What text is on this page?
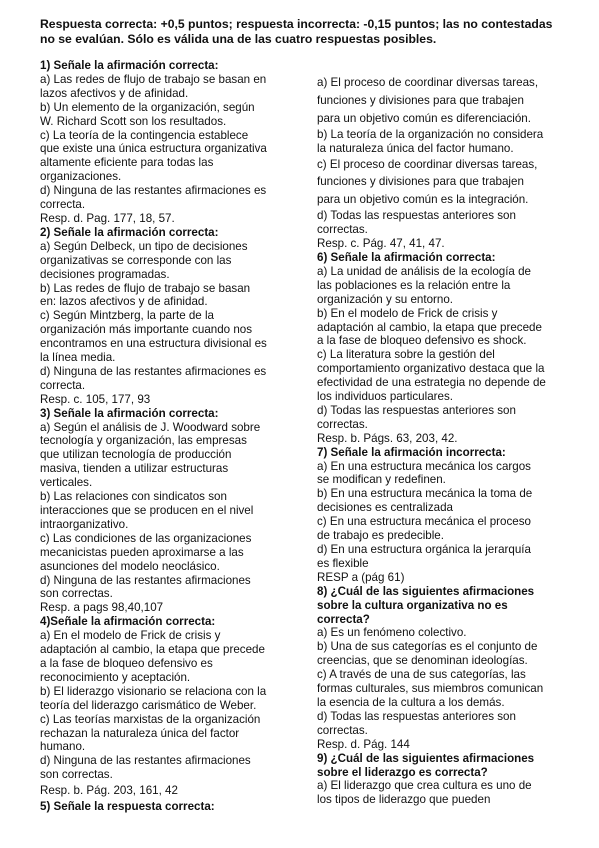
Respuesta correcta: +0,5 puntos; respuesta incorrecta: -0,15 puntos; las no contestadas
no se evalúan. Sólo es válida una de las cuatro respuestas posibles.
1) Señale la afirmación correcta:
a) Las redes de flujo de trabajo se basan en
lazos afectivos y de afinidad.
b) Un elemento de la organización, según
W. Richard Scott son los resultados.
c) La teoría de la contingencia establece
que existe una única estructura organizativa
altamente eficiente para todas las
organizaciones.
d) Ninguna de las restantes afirmaciones es
correcta.
Resp. d. Pag. 177, 18, 57.
2) Señale la afirmación correcta:
a) Según Delbeck, un tipo de decisiones
organizativas se corresponde con las
decisiones programadas.
b) Las redes de flujo de trabajo se basan
en: lazos afectivos y de afinidad.
c) Según Mintzberg, la parte de la
organización más importante cuando nos
encontramos en una estructura divisional es
la línea media.
d) Ninguna de las restantes afirmaciones es
correcta.
Resp. c. 105, 177, 93
3) Señale la afirmación correcta:
a) Según el análisis de J. Woodward sobre
tecnología y organización, las empresas
que utilizan tecnología de producción
masiva, tienden a utilizar estructuras
verticales.
b) Las relaciones con sindicatos son
interacciones que se producen en el nivel
intraorganizativo.
c) Las condiciones de las organizaciones
mecanicistas pueden aproximarse a las
asunciones del modelo neoclásico.
d) Ninguna de las restantes afirmaciones
son correctas.
Resp. a pags 98,40,107
4)Señale la afirmación correcta:
a) En el modelo de Frick de crisis y
adaptación al cambio, la etapa que precede
a la fase de bloqueo defensivo es
reconocimiento y aceptación.
b) El liderazgo visionario se relaciona con la
teoría del liderazgo carismático de Weber.
c) Las teorías marxistas de la organización
rechazan la naturaleza única del factor
humano.
d) Ninguna de las restantes afirmaciones
son correctas.
Resp. b. Pág. 203, 161, 42
5) Señale la respuesta correcta:
a) El proceso de coordinar diversas tareas,
funciones y divisiones para que trabajen
para un objetivo común es diferenciación.
b) La teoría de la organización no considera
la naturaleza única del factor humano.
c) El proceso de coordinar diversas tareas,
funciones y divisiones para que trabajen
para un objetivo común es la integración.
d) Todas las respuestas anteriores son
correctas.
Resp. c. Pág. 47, 41, 47.
6) Señale la afirmación correcta:
a) La unidad de análisis de la ecología de
las poblaciones es la relación entre la
organización y su entorno.
b) En el modelo de Frick de crisis y
adaptación al cambio, la etapa que precede
a la fase de bloqueo defensivo es shock.
c) La literatura sobre la gestión del
comportamiento organizativo destaca que la
efectividad de una estrategia no depende de
los individuos particulares.
d) Todas las respuestas anteriores son
correctas.
Resp. b. Págs. 63, 203, 42.
7) Señale la afirmación incorrecta:
a) En una estructura mecánica los cargos
se modifican y redefinen.
b) En una estructura mecánica la toma de
decisiones es centralizada
c) En una estructura mecánica el proceso
de trabajo es predecible.
d) En una estructura orgánica la jerarquía
es flexible
RESP a (pág 61)
8) ¿Cuál de las siguientes afirmaciones
sobre la cultura organizativa no es
correcta?
a) Es un fenómeno colectivo.
b) Una de sus categorías es el conjunto de
creencias, que se denominan ideologías.
c) A través de una de sus categorías, las
formas culturales, sus miembros comunican
la esencia de la cultura a los demás.
d) Todas las respuestas anteriores son
correctas.
Resp. d. Pág. 144
9) ¿Cuál de las siguientes afirmaciones
sobre el liderazgo es correcta?
a) El liderazgo que crea cultura es uno de
los tipos de liderazgo que pueden
